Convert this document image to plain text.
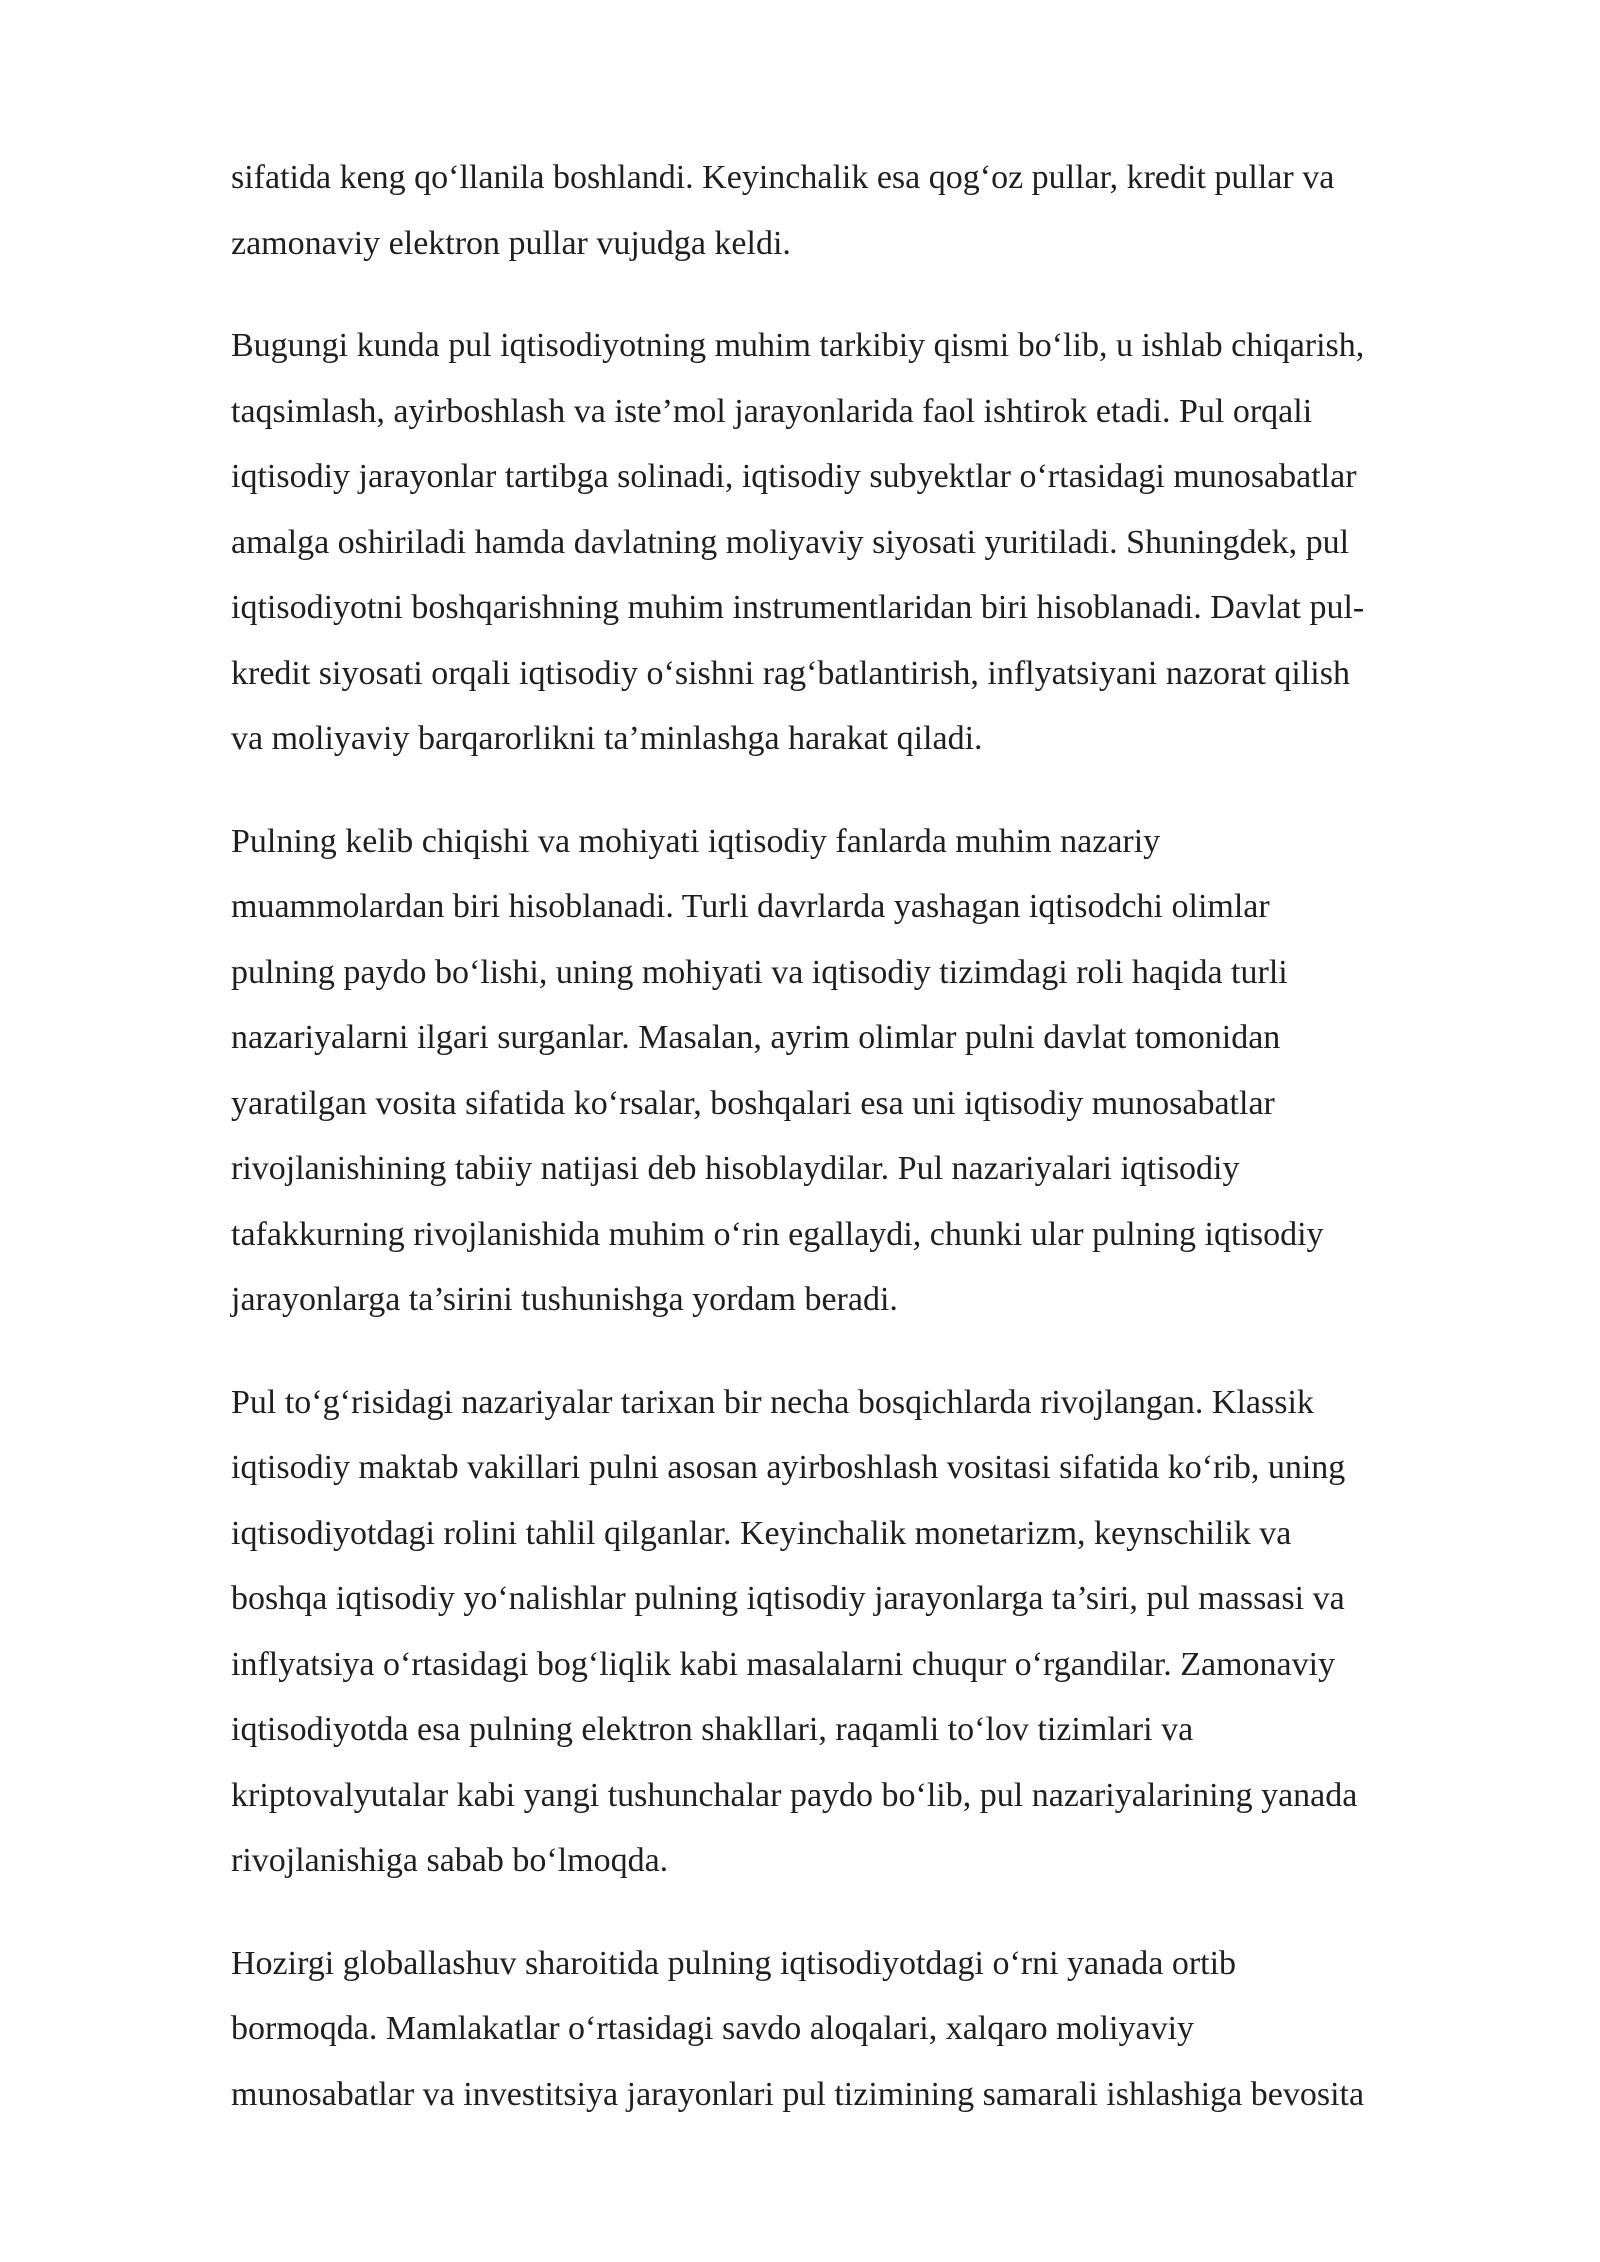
sifatida keng qo‘llanila boshlandi. Keyinchalik esa qog‘oz pullar, kredit pullar va
zamonaviy elektron pullar vujudga keldi.
Bugungi kunda pul iqtisodiyotning muhim tarkibiy qismi bo‘lib, u ishlab chiqarish,
taqsimlash, ayirboshlash va iste’mol jarayonlarida faol ishtirok etadi. Pul orqali
iqtisodiy jarayonlar tartibga solinadi, iqtisodiy subyektlar o‘rtasidagi munosabatlar
amalga oshiriladi hamda davlatning moliyaviy siyosati yuritiladi. Shuningdek, pul
iqtisodiyotni boshqarishning muhim instrumentlaridan biri hisoblanadi. Davlat pul-
kredit siyosati orqali iqtisodiy o‘sishni rag‘batlantirish, inflyatsiyani nazorat qilish
va moliyaviy barqarorlikni ta’minlashga harakat qiladi.
Pulning kelib chiqishi va mohiyati iqtisodiy fanlarda muhim nazariy
muammolardan biri hisoblanadi. Turli davrlarda yashagan iqtisodchi olimlar
pulning paydo bo‘lishi, uning mohiyati va iqtisodiy tizimdagi roli haqida turli
nazariyalarni ilgari surganlar. Masalan, ayrim olimlar pulni davlat tomonidan
yaratilgan vosita sifatida ko‘rsalar, boshqalari esa uni iqtisodiy munosabatlar
rivojlanishining tabiiy natijasi deb hisoblaydilar. Pul nazariyalari iqtisodiy
tafakkurning rivojlanishida muhim o‘rin egallaydi, chunki ular pulning iqtisodiy
jarayonlarga ta’sirini tushunishga yordam beradi.
Pul to‘g‘risidagi nazariyalar tarixan bir necha bosqichlarda rivojlangan. Klassik
iqtisodiy maktab vakillari pulni asosan ayirboshlash vositasi sifatida ko‘rib, uning
iqtisodiyotdagi rolini tahlil qilganlar. Keyinchalik monetarizm, keynschilik va
boshqa iqtisodiy yo‘nalishlar pulning iqtisodiy jarayonlarga ta’siri, pul massasi va
inflyatsiya o‘rtasidagi bog‘liqlik kabi masalalarni chuqur o‘rgandilar. Zamonaviy
iqtisodiyotda esa pulning elektron shakllari, raqamli to‘lov tizimlari va
kriptovalyutalar kabi yangi tushunchalar paydo bo‘lib, pul nazariyalarining yanada
rivojlanishiga sabab bo‘lmoqda.
Hozirgi globallashuv sharoitida pulning iqtisodiyotdagi o‘rni yanada ortib
bormoqda. Mamlakatlar o‘rtasidagi savdo aloqalari, xalqaro moliyaviy
munosabatlar va investitsiya jarayonlari pul tizimining samarali ishlashiga bevosita
